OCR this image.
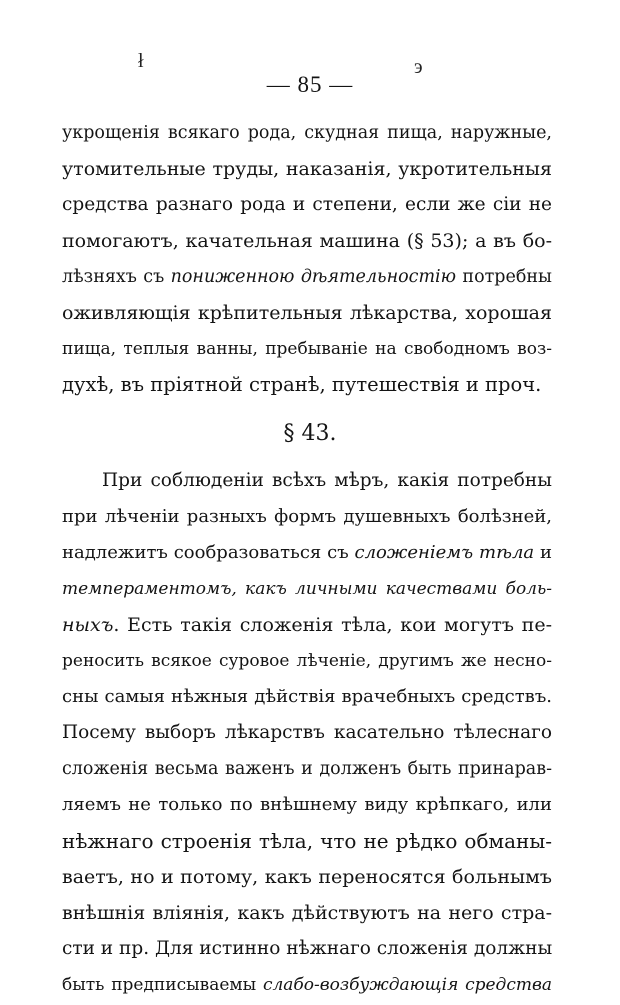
ł	э
— 85 —
укрощенія всякаго рода, скудная пища, наружные,
утомительные труды, наказанія, укротительныя
средства разнаго рода и степени, если же сіи не
помогаютъ, качательная машина (§ 53); а въ бо-
лѣзняхъ съ пониженною дѣятельностію потребны
оживляющія крѣпительныя лѣкарства, хорошая
пища, теплыя ванны, пребываніе на свободномъ воз-
духѣ, въ пріятной странѣ, путешествія и проч.
§ 43.
При соблюденіи всѣхъ мѣръ, какія потребны
при лѣченіи разныхъ формъ душевныхъ болѣзней,
надлежитъ сообразоваться съ сложеніемъ тѣла и
темпераментомъ, какъ личными качествами боль-
ныхъ. Есть такія сложенія тѣла, кои могутъ пе-
реносить всякое суровое лѣченіе, другимъ же несно-
сны самыя нѣжныя дѣйствія врачебныхъ средствъ.
Посему выборъ лѣкарствъ касательно тѣлеснаго
сложенія весьма важенъ и долженъ быть принарав-
ляемъ не только по внѣшнему виду крѣпкаго, или
нѣжнаго строенія тѣла, что не рѣдко обманы-
ваетъ, но и потому, какъ переносятся больнымъ
внѣшнія вліянія, какъ дѣйствуютъ на него стра-
сти и пр. Для истинно нѣжнаго сложенія должны
быть предписываемы слабо-возбуждающія средства
